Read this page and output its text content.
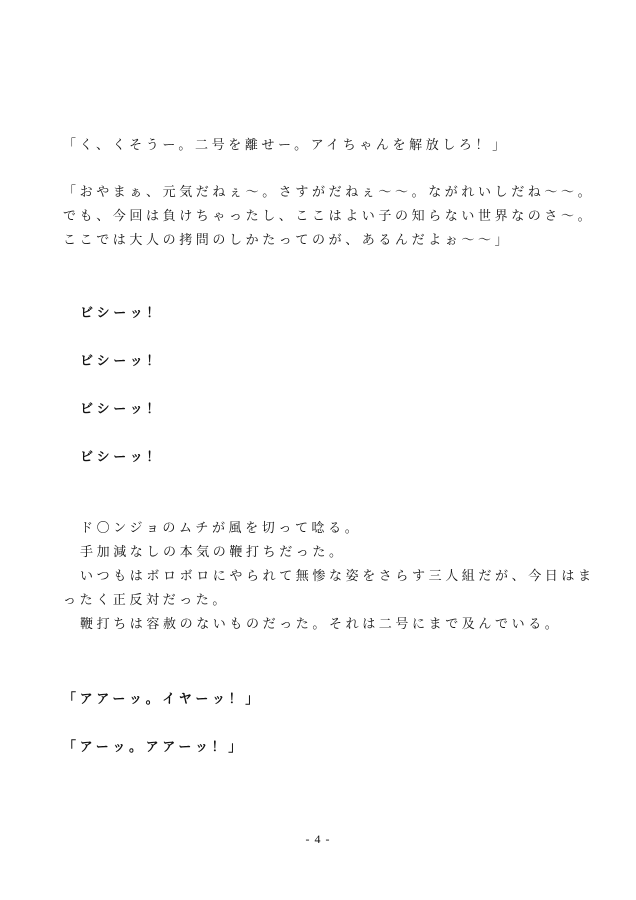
「く、くそうー。二号を離せー。アイちゃんを解放しろ！」
「おやまぁ、元気だねぇ〜。さすがだねぇ〜〜。ながれいしだね〜〜。
でも、今回は負けちゃったし、ここはよい子の知らない世界なのさ〜。
ここでは大人の拷問のしかたってのが、あるんだよぉ〜〜」
ビシーッ！
ビシーッ！
ビシーッ！
ビシーッ！
ド〇ンジョのムチが風を切って唸る。
手加減なしの本気の鞭打ちだった。
いつもはボロボロにやられて無惨な姿をさらす三人組だが、今日はま
ったく正反対だった。
鞭打ちは容赦のないものだった。それは二号にまで及んでいる。
「アアーッ。イヤーッ！」
「アーッ。アアーッ！」
- 4 -
